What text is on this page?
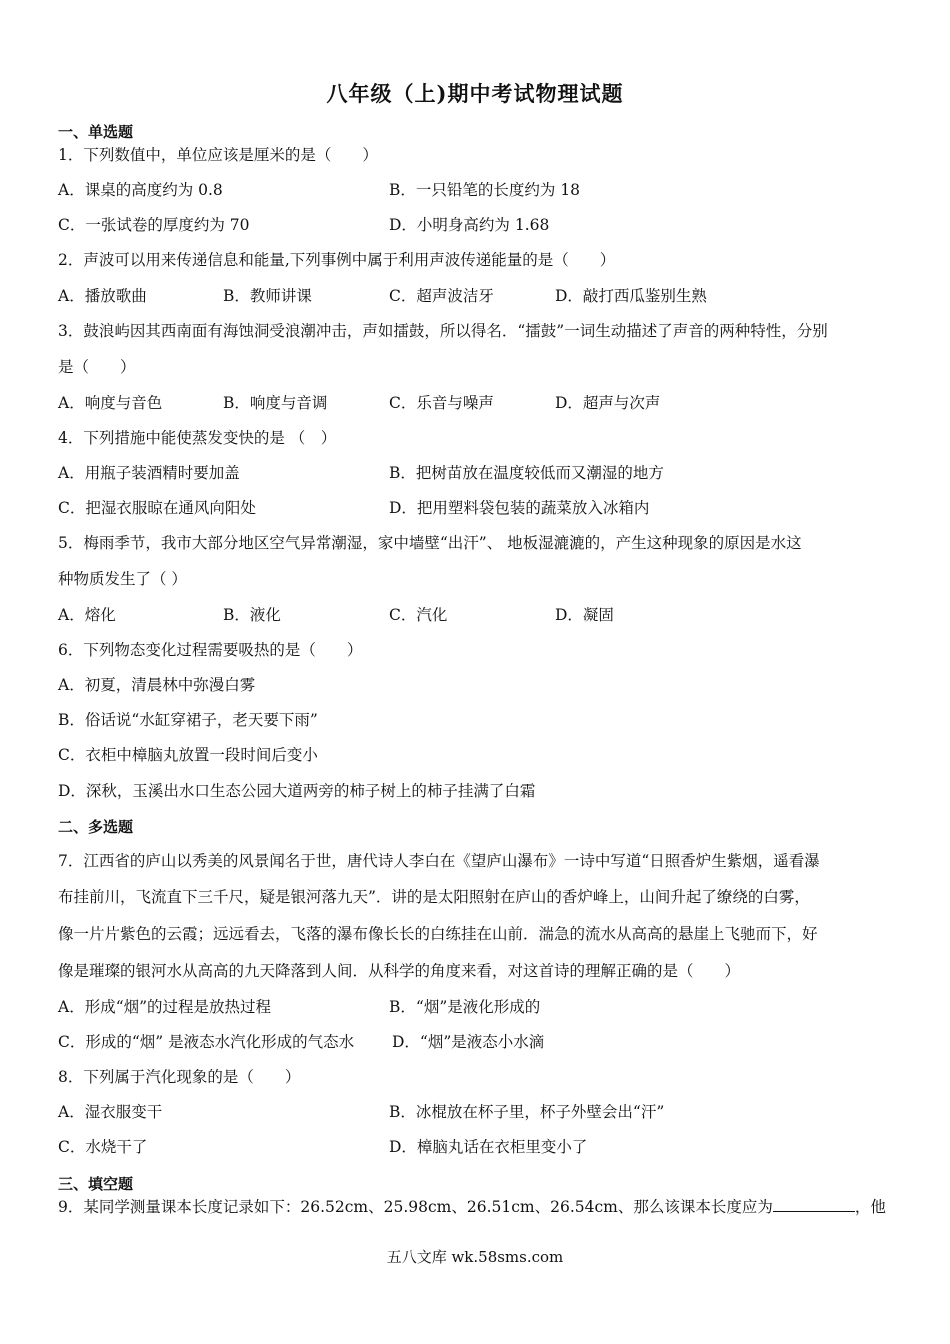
八年级（上)期中考试物理试题
一、单选题
1．下列数值中，单位应该是厘米的是（　　）
A．课桌的高度约为 0.8	B．一只铅笔的长度约为 18
C．一张试卷的厚度约为 70	D．小明身高约为 1.68
2．声波可以用来传递信息和能量,下列事例中属于利用声波传递能量的是（　　）
A．播放歌曲	B．教师讲课	C．超声波洁牙	D．敲打西瓜鉴别生熟
3．鼓浪屿因其西南面有海蚀洞受浪潮冲击，声如擂鼓，所以得名．“擂鼓”一词生动描述了声音的两种特性，分别
是（　　）
A．响度与音色	B．响度与音调	C．乐音与噪声	D．超声与次声
4．下列措施中能使蒸发变快的是 （　）
A．用瓶子装酒精时要加盖	B．把树苗放在温度较低而又潮湿的地方
C．把湿衣服晾在通风向阳处	D．把用塑料袋包装的蔬菜放入冰箱内
5．梅雨季节，我市大部分地区空气异常潮湿，家中墙壁“出汗”、 地板湿漉漉的，产生这种现象的原因是水这
种物质发生了（ ）
A．熔化	B．液化	C．汽化	D．凝固
6．下列物态变化过程需要吸热的是（　　）
A．初夏，清晨林中弥漫白雾
B．俗话说“水缸穿裙子，老天要下雨”
C．衣柜中樟脑丸放置一段时间后变小
D．深秋，玉溪出水口生态公园大道两旁的柿子树上的柿子挂满了白霜
二、多选题
7．江西省的庐山以秀美的风景闻名于世，唐代诗人李白在《望庐山瀑布》一诗中写道“日照香炉生紫烟，遥看瀑
布挂前川，飞流直下三千尺，疑是银河落九天”．讲的是太阳照射在庐山的香炉峰上，山间升起了缭绕的白雾，
像一片片紫色的云霞；远远看去，飞落的瀑布像长长的白练挂在山前．湍急的流水从高高的悬崖上飞驰而下，好
像是璀璨的银河水从高高的九天降落到人间．从科学的角度来看，对这首诗的理解正确的是（　　）
A．形成“烟”的过程是放热过程	B．“烟”是液化形成的
C．形成的“烟” 是液态水汽化形成的气态水 D．“烟”是液态小水滴
8．下列属于汽化现象的是（　　）
A．湿衣服变干	B．冰棍放在杯子里，杯子外壁会出“汗”
C．水烧干了	D．樟脑丸话在衣柜里变小了
三、填空题
9．某同学测量课本长度记录如下：26.52cm、25.98cm、26.51cm、26.54cm、那么该课本长度应为	，他
五八文库 wk.58sms.com
